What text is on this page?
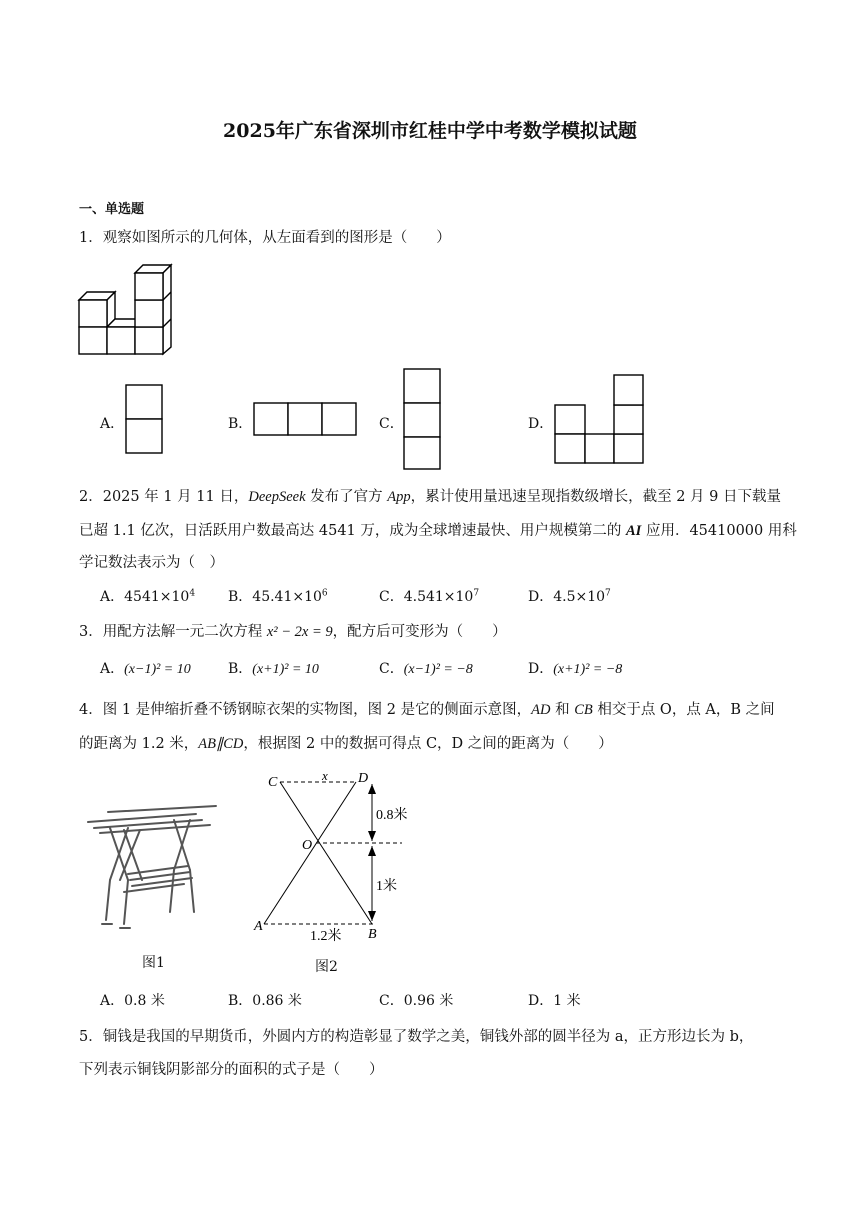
2025年广东省深圳市红桂中学中考数学模拟试题
一、单选题
1．观察如图所示的几何体，从左面看到的图形是（　　）
A．	B．	C．	D．
2．2025 年 1 月 11 日，DeepSeek 发布了官方 App，累计使用量迅速呈现指数级增长，截至 2 月 9 日下载量
已超 1.1 亿次，日活跃用户数最高达 4541 万，成为全球增速最快、用户规模第二的 AI 应用．45410000 用科
学记数法表示为（　）
A．$4541\times 10^4$ B．$45.41\times 10^6$	C．$4.541\times 10^7$	D．$4.5\times 10^7$
3．用配方法解一元二次方程 x² − 2x = 9，配方后可变形为（　　）
A．(x−1)² = 10	B．(x+1)² = 10	C．(x−1)² = −8	D．(x+1)² = −8
4．图 1 是伸缩折叠不锈钢晾衣架的实物图，图 2 是它的侧面示意图，AD 和 CB 相交于点 O，点 A，B 之间
的距离为 1.2 米，AB∥CD，根据图 2 中的数据可得点 C，D 之间的距离为（　　）
图1
C	D
x
O
A
B
0.8米
1米
1.2米
图2
A．0.8 米	B．0.86 米	C．0.96 米	D．1 米
5．铜钱是我国的早期货币，外圆内方的构造彰显了数学之美，铜钱外部的圆半径为 a，正方形边长为 b，
下列表示铜钱阴影部分的面积的式子是（　　）
